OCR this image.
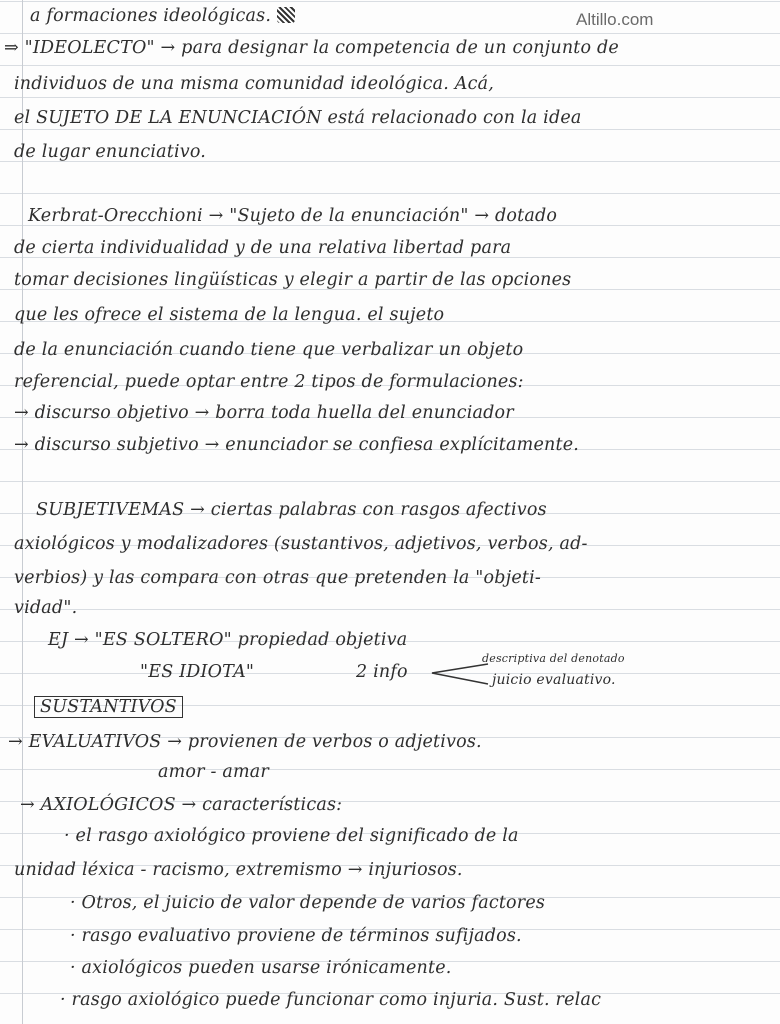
Altillo.com
a formaciones ideológicas.
⇒ "IDEOLECTO" → para designar la competencia de un conjunto de
individuos de una misma comunidad ideológica. Acá,
el SUJETO DE LA ENUNCIACIÓN está relacionado con la idea
de lugar enunciativo.
Kerbrat-Orecchioni → "Sujeto de la enunciación" → dotado
de cierta individualidad y de una relativa libertad para
tomar decisiones lingüísticas y elegir a partir de las opciones
que les ofrece el sistema de la lengua. el sujeto
de la enunciación cuando tiene que verbalizar un objeto
referencial, puede optar entre 2 tipos de formulaciones:
→ discurso objetivo → borra toda huella del enunciador
→ discurso subjetivo → enunciador se confiesa explícitamente.
SUBJETIVEMAS → ciertas palabras con rasgos afectivos
axiológicos y modalizadores (sustantivos, adjetivos, verbos, ad-
verbios) y las compara con otras que pretenden la "objeti-
vidad".
EJ → "ES SOLTERO" propiedad objetiva
"ES IDIOTA"	2 info
descriptiva del denotado
juicio evaluativo.
SUSTANTIVOS
→ EVALUATIVOS → provienen de verbos o adjetivos.
amor - amar
→ AXIOLÓGICOS → características:
· el rasgo axiológico proviene del significado de la
unidad léxica - racismo, extremismo → injuriosos.
· Otros, el juicio de valor depende de varios factores
· rasgo evaluativo proviene de términos sufijados.
· axiológicos pueden usarse irónicamente.
· rasgo axiológico puede funcionar como injuria. Sust. relac
